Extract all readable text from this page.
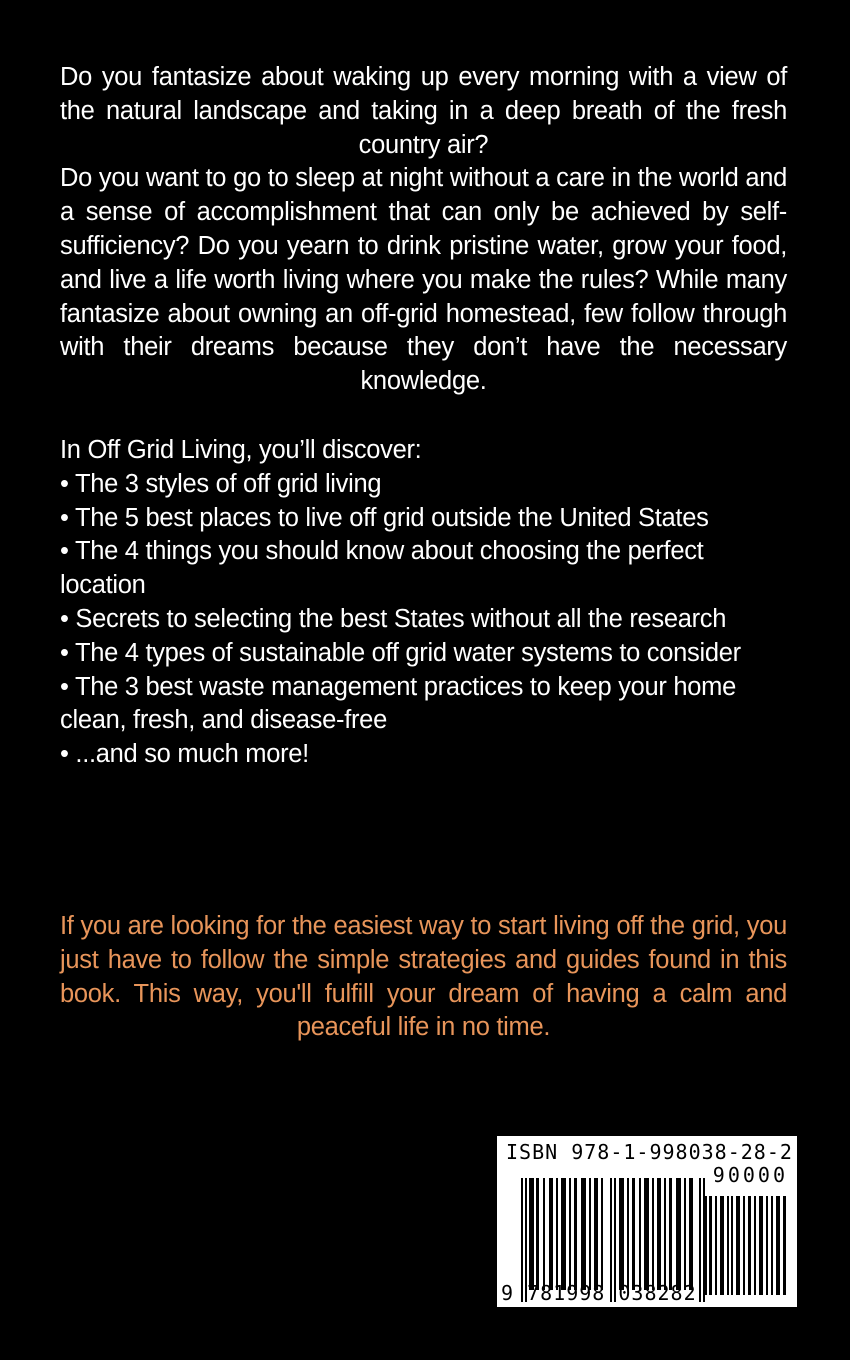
Do you fantasize about waking up every morning with a view of the natural landscape and taking in a deep breath of the fresh country air?

Do you want to go to sleep at night without a care in the world and a sense of accomplishment that can only be achieved by self-sufficiency? Do you yearn to drink pristine water, grow your food, and live a life worth living where you make the rules? While many fantasize about owning an off-grid homestead, few follow through with their dreams because they don’t have the necessary knowledge.

In Off Grid Living, you’ll discover:

• The 3 styles of off grid living

• The 5 best places to live off grid outside the United States

• The 4 things you should know about choosing the perfect location

• Secrets to selecting the best States without all the research

• The 4 types of sustainable off grid water systems to consider

• The 3 best waste management practices to keep your home clean, fresh, and disease-free

• ...and so much more!

If you are looking for the easiest way to start living off the grid, you just have to follow the simple strategies and guides found in this book. This way, you'll fulfill your dream of having a calm and peaceful life in no time.
ISBN 978-1-998038-28-2
90000
9 781998 038282
